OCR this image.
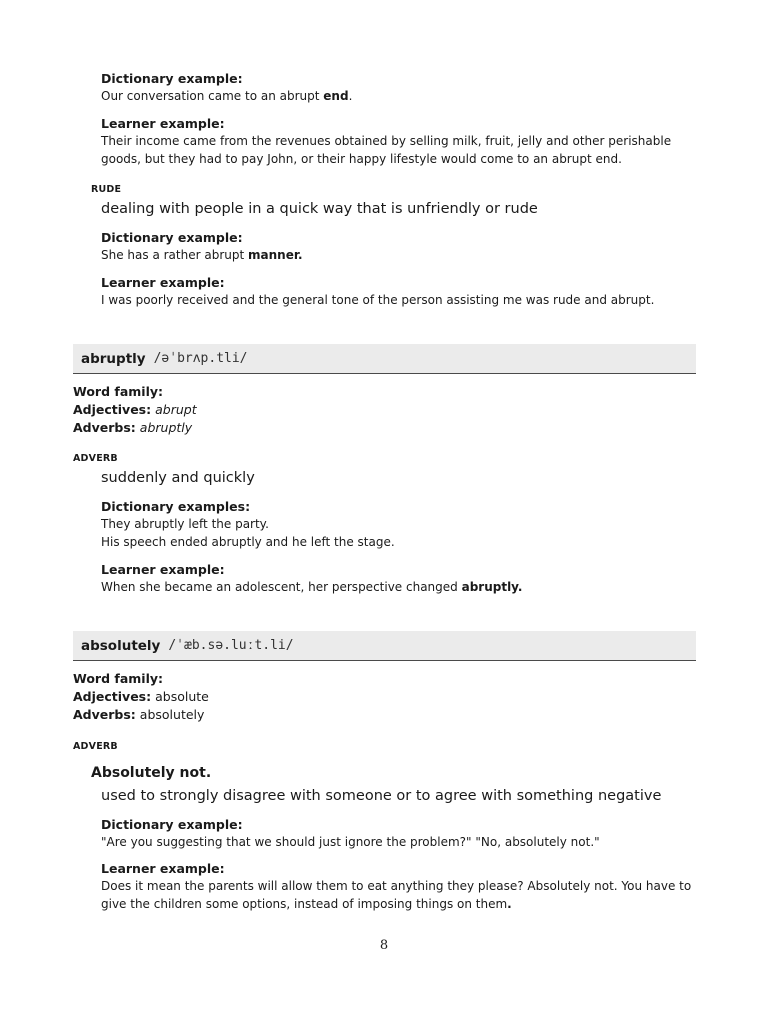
Dictionary example:
Our conversation came to an abrupt end.
Learner example:
Their income came from the revenues obtained by selling milk, fruit, jelly and other perishable
goods, but they had to pay John, or their happy lifestyle would come to an abrupt end.
RUDE
dealing with people in a quick way that is unfriendly or rude
Dictionary example:
She has a rather abrupt manner.
Learner example:
I was poorly received and the general tone of the person assisting me was rude and abrupt.
abruptly /əˈbrʌp.tli/
Word family:
Adjectives: abrupt
Adverbs: abruptly
ADVERB
suddenly and quickly
Dictionary examples:
They abruptly left the party.
His speech ended abruptly and he left the stage.
Learner example:
When she became an adolescent, her perspective changed abruptly.
absolutely /ˈæb.sə.luːt.li/
Word family:
Adjectives: absolute
Adverbs: absolutely
ADVERB
Absolutely not.
used to strongly disagree with someone or to agree with something negative
Dictionary example:
"Are you suggesting that we should just ignore the problem?" "No, absolutely not."
Learner example:
Does it mean the parents will allow them to eat anything they please? Absolutely not. You have to
give the children some options, instead of imposing things on them.
8
